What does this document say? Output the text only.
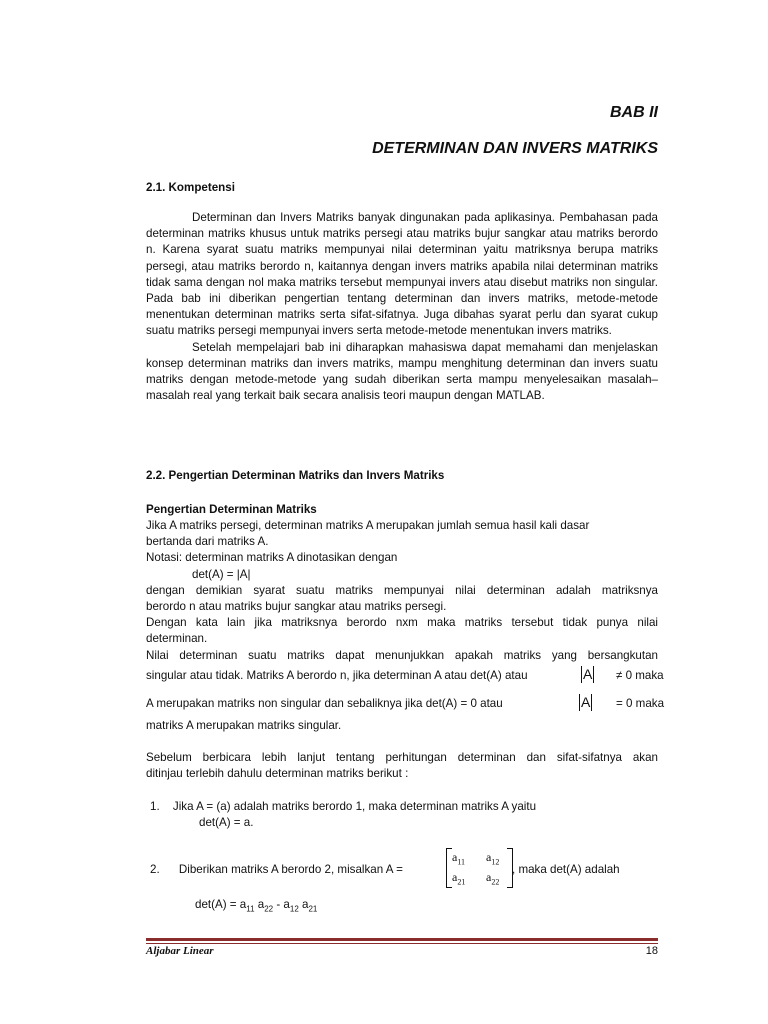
BAB II
DETERMINAN DAN INVERS MATRIKS
2.1. Kompetensi

Determinan dan Invers Matriks banyak dingunakan pada aplikasinya. Pembahasan pada determinan matriks khusus untuk matriks persegi atau matriks bujur sangkar atau matriks berordo n. Karena syarat suatu matriks mempunyai nilai determinan yaitu matriksnya berupa matriks persegi, atau matriks berordo n, kaitannya dengan invers matriks apabila nilai determinan matriks tidak sama dengan nol maka matriks tersebut mempunyai invers atau disebut matriks non singular. Pada bab ini diberikan pengertian tentang determinan dan invers matriks, metode-metode menentukan determinan matriks serta sifat-sifatnya. Juga dibahas syarat perlu dan syarat cukup suatu matriks persegi mempunyai invers serta metode-metode menentukan invers matriks.

Setelah mempelajari bab ini diharapkan mahasiswa dapat memahami dan menjelaskan konsep determinan matriks dan invers matriks, mampu menghitung determinan dan invers suatu matriks dengan metode-metode yang sudah diberikan serta mampu menyelesaikan masalah–masalah real yang terkait baik secara analisis teori maupun dengan MATLAB.

2.2. Pengertian Determinan Matriks dan Invers Matriks
Pengertian Determinan Matriks
Jika A matriks persegi, determinan matriks A merupakan jumlah semua hasil kali dasar
bertanda dari matriks A.
Notasi: determinan matriks A dinotasikan dengan
det(A) = |A|
dengan demikian syarat suatu matriks mempunyai nilai determinan adalah matriksnya
berordo n atau matriks bujur sangkar atau matriks persegi.
Dengan kata lain jika matriksnya berordo nxm maka matriks tersebut tidak punya nilai
determinan.
Nilai determinan suatu matriks dapat menunjukkan apakah matriks yang bersangkutan
singular atau tidak. Matriks A berordo n, jika determinan A atau det(A) atau	A ≠ 0 maka
A merupakan matriks non singular dan sebaliknya jika det(A) = 0 atau	A = 0 maka
matriks A merupakan matriks singular.
Sebelum berbicara lebih lanjut tentang perhitungan determinan dan sifat-sifatnya akan
ditinjau terlebih dahulu determinan matriks berikut :
1. Jika A = (a) adalah matriks berordo 1, maka determinan matriks A yaitu
det(A) = a.
2. Diberikan matriks A berordo 2, misalkan A =
$a_{11}$ $a_{12}$
$a_{21}$ $a_{22}$
, maka det(A) adalah
$\det(A) = a_{11}$ $a_{22} - a_{12}$ $a_{21}$
Aljabar Linear	18
